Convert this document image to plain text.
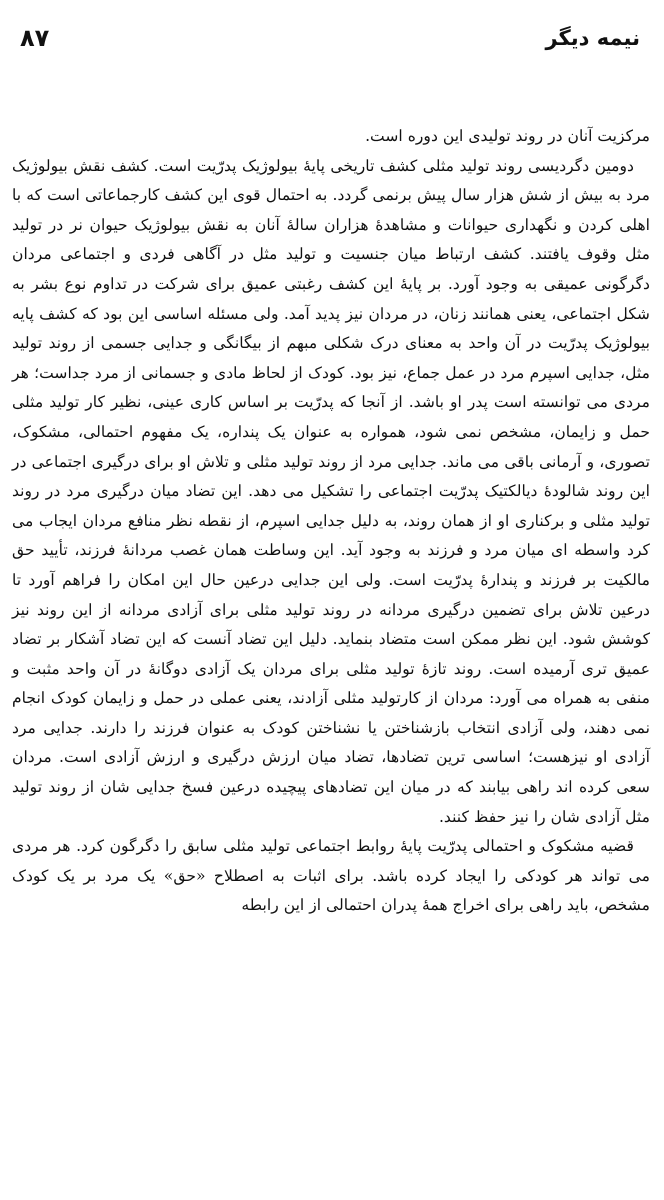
نیمه دیگر
۸۷

مرکزیت آنان در روند تولیدی این دوره است.

دومین دگردیسی روند تولید مثلی کشف تاریخی پایهٔ بیولوژیک پدرّیت است. کشف نقش بیولوژیک مرد به بیش از شش هزار سال پیش برنمی گردد. به احتمال قوی این کشف کارجماعاتی است که با اهلی کردن و نگهداری حیوانات و مشاهدهٔ هزاران سالهٔ آنان به نقش بیولوژیک حیوان نر در تولید مثل وقوف یافتند. کشف ارتباط میان جنسیت و تولید مثل در آگاهی فردی و اجتماعی مردان دگرگونی عمیقی به وجود آورد. بر پایهٔ این کشف رغبتی عمیق برای شرکت در تداوم نوع بشر به شکل اجتماعی، یعنی همانند زنان، در مردان نیز پدید آمد. ولی مسئله اساسی این بود که کشف پایه بیولوژیک پدرّیت در آن واحد به معنای درک شکلی مبهم از بیگانگی و جدایی جسمی از روند تولید مثل، جدایی اسپرم مرد در عمل جماع، نیز بود. کودک از لحاظ مادی و جسمانی از مرد جداست؛ هر مردی می توانسته است پدر او باشد. از آنجا که پدرّیت بر اساس کاری عینی، نظیر کار تولید مثلی حمل و زایمان، مشخص نمی شود، همواره به عنوان یک پنداره، یک مفهوم احتمالی، مشکوک، تصوری، و آرمانی باقی می ماند. جدایی مرد از روند تولید مثلی و تلاش او برای درگیری اجتماعی در این روند شالودهٔ دیالکتیک پدرّیت اجتماعی را تشکیل می دهد. این تضاد میان درگیری مرد در روند تولید مثلی و برکناری او از همان روند، به دلیل جدایی اسپرم، از نقطه نظر منافع مردان ایجاب می کرد واسطه ای میان مرد و فرزند به وجود آید. این وساطت همان غصب مردانهٔ فرزند، تأیید حق مالکیت بر فرزند و پندارهٔ پدرّیت است. ولی این جدایی درعین حال این امکان را فراهم آورد تا درعین تلاش برای تضمین درگیری مردانه در روند تولید مثلی برای آزادی مردانه از این روند نیز کوشش شود. این نظر ممکن است متضاد بنماید. دلیل این تضاد آنست که این تضاد آشکار بر تضاد عمیق تری آرمیده است. روند تازهٔ تولید مثلی برای مردان یک آزادی دوگانهٔ در آن واحد مثبت و منفی به همراه می آورد: مردان از کارتولید مثلی آزادند، یعنی عملی در حمل و زایمان کودک انجام نمی دهند، ولی آزادی انتخاب بازشناختن یا نشناختن کودک به عنوان فرزند را دارند. جدایی مرد آزادی او نیزهست؛ اساسی ترین تضادها، تضاد میان ارزش درگیری و ارزش آزادی است. مردان سعی کرده اند راهی بیابند که در میان این تضادهای پیچیده درعین فسخ جدایی شان از روند تولید مثل آزادی شان را نیز حفظ کنند.

قضیه مشکوک و احتمالی پدرّیت پایهٔ روابط اجتماعی تولید مثلی سابق را دگرگون کرد. هر مردی می تواند هر کودکی را ایجاد کرده باشد. برای اثبات به اصطلاح «حق» یک مرد بر یک کودک مشخص، باید راهی برای اخراج همهٔ پدران احتمالی از این رابطه
